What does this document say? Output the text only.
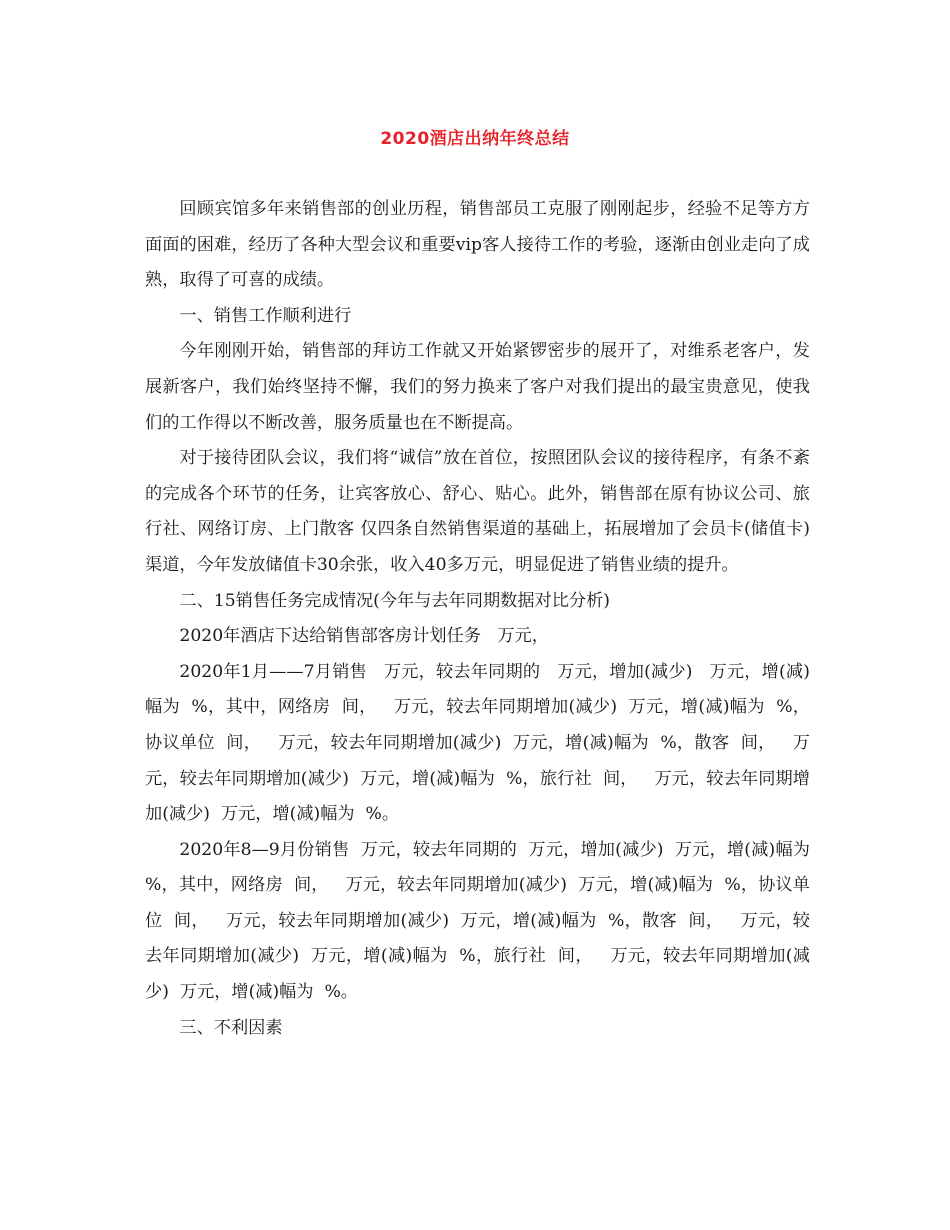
2020酒店出纳年终总结

回顾宾馆多年来销售部的创业历程，销售部员工克服了刚刚起步，经验不足等方方面面的困难，经历了各种大型会议和重要vip客人接待工作的考验，逐渐由创业走向了成熟，取得了可喜的成绩。

一、销售工作顺利进行

今年刚刚开始，销售部的拜访工作就又开始紧锣密步的展开了，对维系老客户，发展新客户，我们始终坚持不懈，我们的努力换来了客户对我们提出的最宝贵意见，使我们的工作得以不断改善，服务质量也在不断提高。

对于接待团队会议，我们将“诚信”放在首位，按照团队会议的接待程序，有条不紊的完成各个环节的任务，让宾客放心、舒心、贴心。此外，销售部在原有协议公司、旅行社、网络订房、上门散客 仅四条自然销售渠道的基础上，拓展增加了会员卡(储值卡)渠道，今年发放储值卡30余张，收入40多万元，明显促进了销售业绩的提升。

二、15销售任务完成情况(今年与去年同期数据对比分析)

2020年酒店下达给销售部客房计划任务   万元，

2020年1月——7月销售   万元，较去年同期的   万元，增加(减少)   万元，增(减)幅为  %，其中，网络房  间，   万元，较去年同期增加(减少)  万元，增(减)幅为  %，协议单位  间，   万元，较去年同期增加(减少)  万元，增(减)幅为  %，散客  间，   万元，较去年同期增加(减少)  万元，增(减)幅为  %，旅行社  间，   万元，较去年同期增加(减少)  万元，增(减)幅为  %。

2020年8—9月份销售  万元，较去年同期的  万元，增加(减少)  万元，增(减)幅为  %，其中，网络房  间，   万元，较去年同期增加(减少)  万元，增(减)幅为  %，协议单位  间，   万元，较去年同期增加(减少)  万元，增(减)幅为  %，散客  间，   万元，较去年同期增加(减少)  万元，增(减)幅为  %，旅行社  间，   万元，较去年同期增加(减少)  万元，增(减)幅为  %。

三、不利因素
